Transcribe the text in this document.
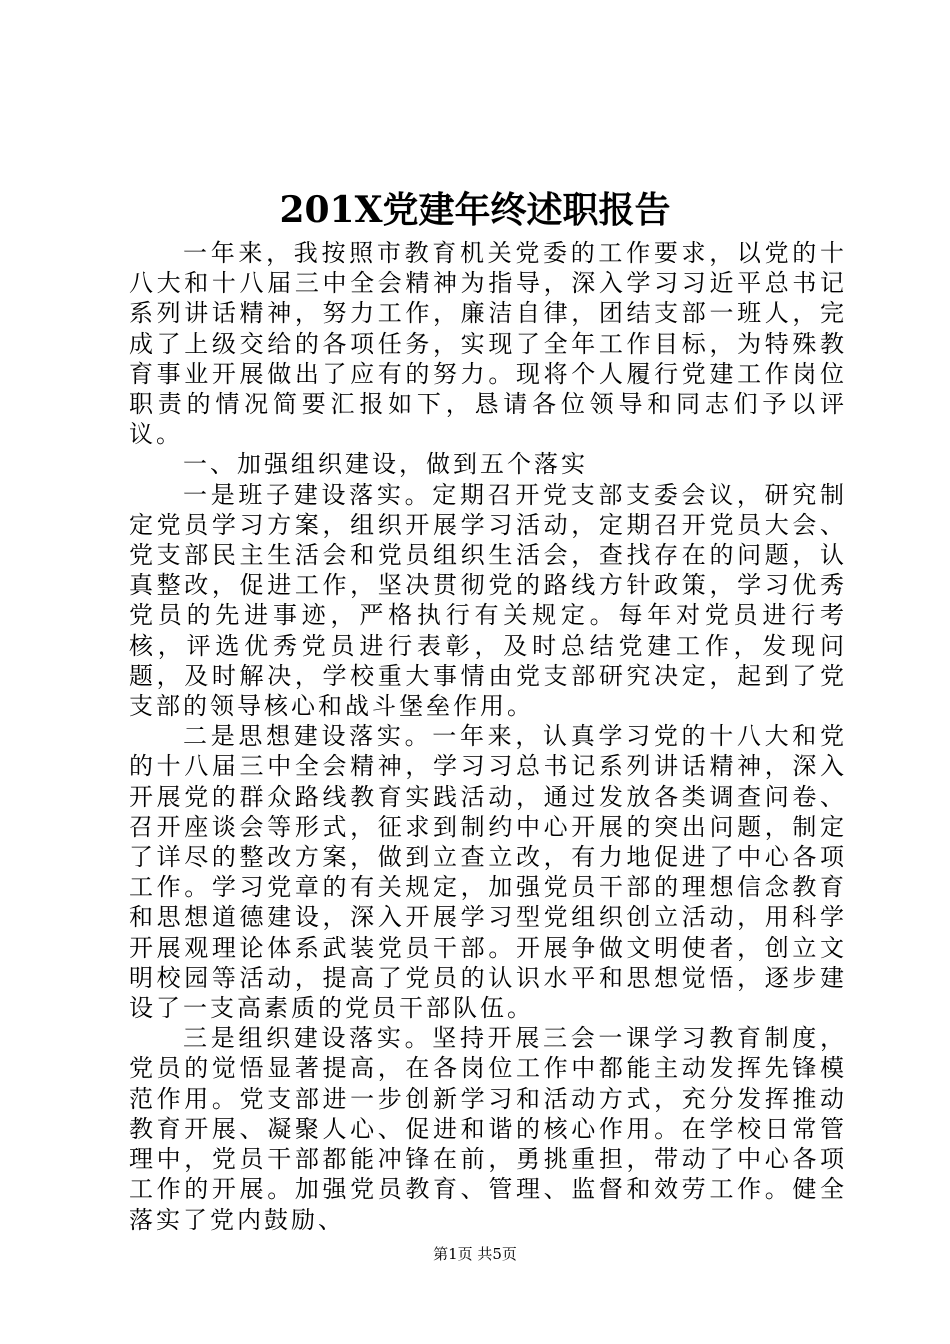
201X党建年终述职报告

一年来，我按照市教育机关党委的工作要求，以党的十八大和十八届三中全会精神为指导，深入学习习近平总书记系列讲话精神，努力工作，廉洁自律，团结支部一班人，完成了上级交给的各项任务，实现了全年工作目标，为特殊教育事业开展做出了应有的努力。现将个人履行党建工作岗位职责的情况简要汇报如下，恳请各位领导和同志们予以评议。

一、加强组织建设，做到五个落实

一是班子建设落实。定期召开党支部支委会议，研究制定党员学习方案，组织开展学习活动，定期召开党员大会、党支部民主生活会和党员组织生活会，查找存在的问题，认真整改，促进工作，坚决贯彻党的路线方针政策，学习优秀党员的先进事迹，严格执行有关规定。每年对党员进行考核，评选优秀党员进行表彰，及时总结党建工作，发现问题，及时解决，学校重大事情由党支部研究决定，起到了党支部的领导核心和战斗堡垒作用。

二是思想建设落实。一年来，认真学习党的十八大和党的十八届三中全会精神，学习习总书记系列讲话精神，深入开展党的群众路线教育实践活动，通过发放各类调查问卷、召开座谈会等形式，征求到制约中心开展的突出问题，制定了详尽的整改方案，做到立查立改，有力地促进了中心各项工作。学习党章的有关规定，加强党员干部的理想信念教育和思想道德建设，深入开展学习型党组织创立活动，用科学开展观理论体系武装党员干部。开展争做文明使者，创立文明校园等活动，提高了党员的认识水平和思想觉悟，逐步建设了一支高素质的党员干部队伍。

三是组织建设落实。坚持开展三会一课学习教育制度，党员的觉悟显著提高，在各岗位工作中都能主动发挥先锋模范作用。党支部进一步创新学习和活动方式，充分发挥推动教育开展、凝聚人心、促进和谐的核心作用。在学校日常管理中，党员干部都能冲锋在前，勇挑重担，带动了中心各项工作的开展。加强党员教育、管理、监督和效劳工作。健全落实了党内鼓励、

第1页 共5页
